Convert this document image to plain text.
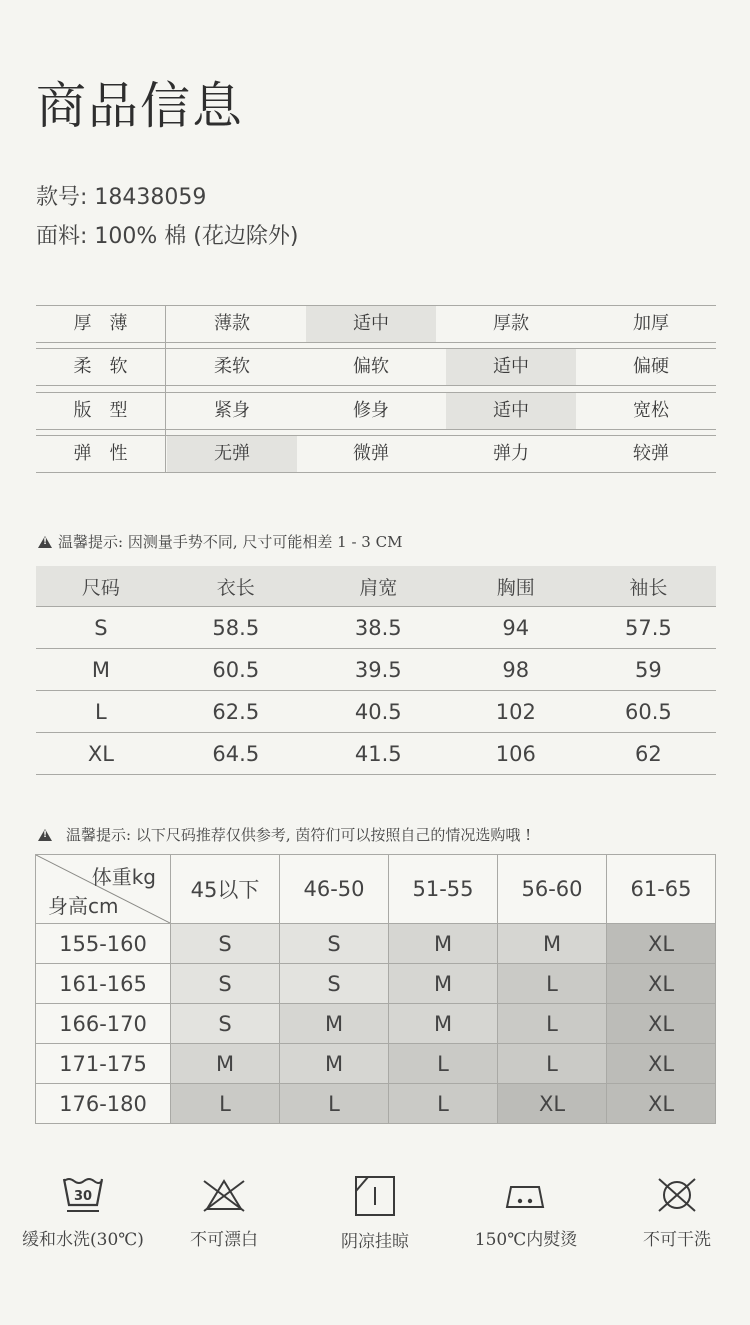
商品信息
款号: 18438059
面料: 100% 棉 (花边除外)
!温馨提示: 因测量手势不同, 尺寸可能相差 1 - 3 CM
尺码	衣长	肩宽	胸围	袖长
S	58.5	38.5	94	57.5
M	60.5	39.5	98	59
L	62.5	40.5	102	60.5
XL	64.5	41.5	106	62
!温馨提示: 以下尺码推荐仅供参考, 茵符们可以按照自己的情况选购哦 !
体重kg
身高cm	45以下	46-50	51-55	56-60	61-65
155-160	S	S	M	M	XL
161-165	S	S	M	L	XL
166-170	S	M	M	L	XL
171-175	M	M	L	L	XL
176-180	L	L	L	XL	XL
30
缓和水洗(30℃)	不可漂白	阴凉挂晾	150℃内熨烫	不可干洗
厚薄	薄款	适中	厚款	加厚
柔软	柔软	偏软	适中	偏硬
版型	紧身	修身	适中	宽松
弹性	无弹	微弹	弹力	较弹
